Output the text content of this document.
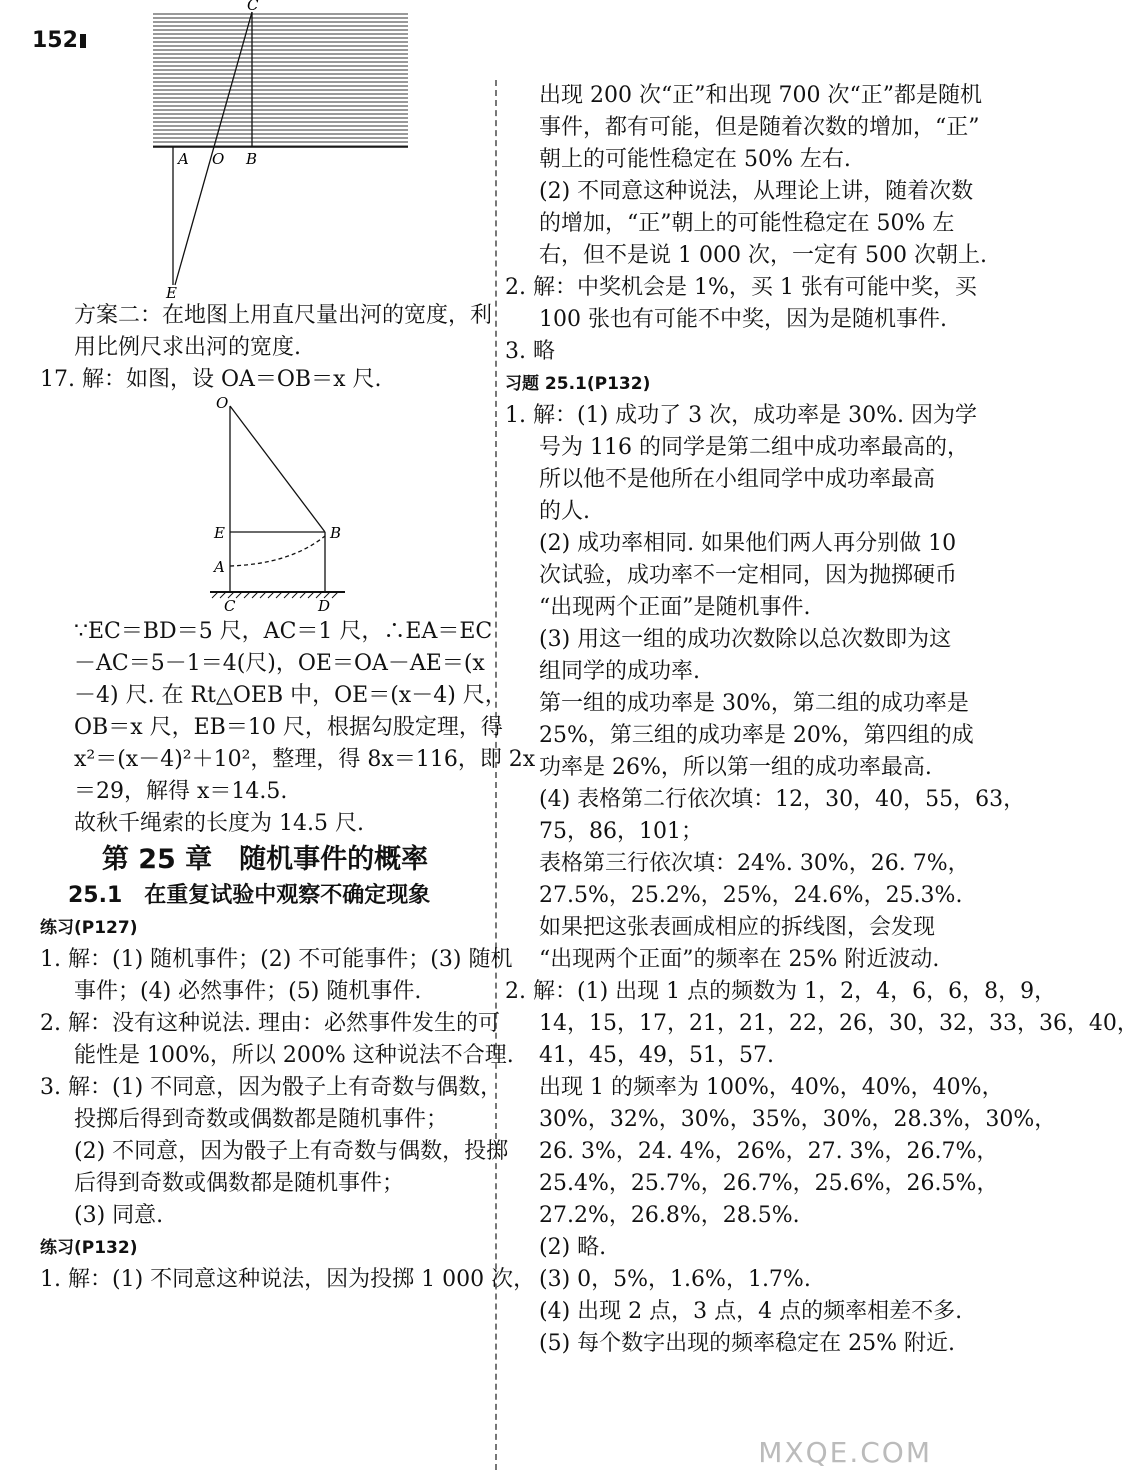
152
C
A O B
E
方案二：在地图上用直尺量出河的宽度，利
用比例尺求出河的宽度.
17. 解：如图，设 OA＝OB＝x 尺.
O
E	B
A
C	D
∵EC＝BD＝5 尺，AC＝1 尺，∴EA＝EC
－AC＝5－1＝4(尺)，OE＝OA－AE＝(x
－4) 尺. 在 Rt△OEB 中，OE＝(x－4) 尺，
OB＝x 尺，EB＝10 尺，根据勾股定理，得
x²＝(x－4)²＋10²，整理，得 8x＝116，即 2x
＝29，解得 x＝14.5.
故秋千绳索的长度为 14.5 尺.
第 25 章　随机事件的概率
25.1　在重复试验中观察不确定现象
练习(P127)
1. 解：(1) 随机事件；(2) 不可能事件；(3) 随机
事件；(4) 必然事件；(5) 随机事件.
2. 解：没有这种说法. 理由：必然事件发生的可
能性是 100%，所以 200% 这种说法不合理.
3. 解：(1) 不同意，因为骰子上有奇数与偶数，
投掷后得到奇数或偶数都是随机事件；
(2) 不同意，因为骰子上有奇数与偶数，投掷
后得到奇数或偶数都是随机事件；
(3) 同意.
练习(P132)
1. 解：(1) 不同意这种说法，因为投掷 1 000 次，
出现 200 次“正”和出现 700 次“正”都是随机
事件，都有可能，但是随着次数的增加，“正”
朝上的可能性稳定在 50% 左右.
(2) 不同意这种说法，从理论上讲，随着次数
的增加，“正”朝上的可能性稳定在 50% 左
右，但不是说 1 000 次，一定有 500 次朝上.
2. 解：中奖机会是 1%，买 1 张有可能中奖，买
100 张也有可能不中奖，因为是随机事件.
3. 略
习题 25.1(P132)
1. 解：(1) 成功了 3 次，成功率是 30%. 因为学
号为 116 的同学是第二组中成功率最高的，
所以他不是他所在小组同学中成功率最高
的人.
(2) 成功率相同. 如果他们两人再分别做 10
次试验，成功率不一定相同，因为抛掷硬币
“出现两个正面”是随机事件.
(3) 用这一组的成功次数除以总次数即为这
组同学的成功率.
第一组的成功率是 30%，第二组的成功率是
25%，第三组的成功率是 20%，第四组的成
功率是 26%，所以第一组的成功率最高.
(4) 表格第二行依次填：12，30，40，55，63，
75，86，101；
表格第三行依次填：24%. 30%，26. 7%，
27.5%，25.2%，25%，24.6%，25.3%.
如果把这张表画成相应的拆线图，会发现
“出现两个正面”的频率在 25% 附近波动.
2. 解：(1) 出现 1 点的频数为 1，2，4，6，6，8，9，
14，15，17，21，21，22，26，30，32，33，36，40，
41，45，49，51，57.
出现 1 的频率为 100%，40%，40%，40%，
30%，32%，30%，35%，30%，28.3%，30%，
26. 3%，24. 4%，26%，27. 3%，26.7%，
25.4%，25.7%，26.7%，25.6%，26.5%，
27.2%，26.8%，28.5%.
(2) 略.
(3) 0，5%，1.6%，1.7%.
(4) 出现 2 点，3 点，4 点的频率相差不多.
(5) 每个数字出现的频率稳定在 25% 附近.
MXQE.COM
